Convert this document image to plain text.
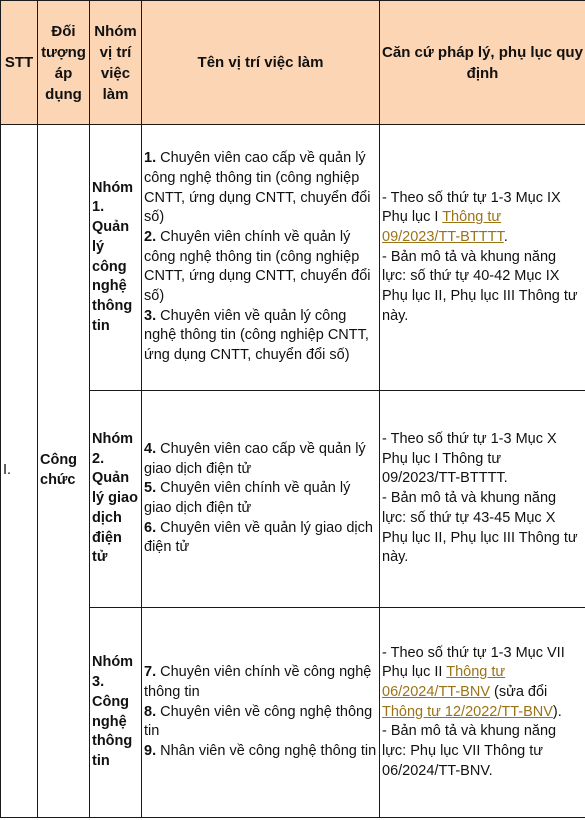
STT	Đối tượng áp dụng	Nhóm vị trí việc làm	Tên vị trí việc làm	Căn cứ pháp lý, phụ lục quy định
I.	Công chức	Nhóm 1. Quản lý công nghệ thông tin	1. Chuyên viên cao cấp về quản lý công nghệ thông tin (công nghiệp CNTT, ứng dụng CNTT, chuyển đổi số)
2. Chuyên viên chính về quản lý công nghệ thông tin (công nghiệp CNTT, ứng dụng CNTT, chuyển đổi số)
3. Chuyên viên về quản lý công nghệ thông tin (công nghiệp CNTT, ứng dụng CNTT, chuyển đổi số)	- Theo số thứ tự 1-3 Mục IX Phụ lục I Thông tư 09/2023/TT-BTTTT.
- Bản mô tả và khung năng lực: số thứ tự 40-42 Mục IX Phụ lục II, Phụ lục III Thông tư này.
		Nhóm 2. Quản lý giao dịch điện tử	4. Chuyên viên cao cấp về quản lý giao dịch điện tử
5. Chuyên viên chính về quản lý giao dịch điện tử
6. Chuyên viên về quản lý giao dịch điện tử	- Theo số thứ tự 1-3 Mục X Phụ lục I Thông tư 09/2023/TT-BTTTT.
- Bản mô tả và khung năng lực: số thứ tự 43-45 Mục X Phụ lục II, Phụ lục III Thông tư này.
		Nhóm 3. Công nghệ thông tin	7. Chuyên viên chính về công nghệ thông tin
8. Chuyên viên về công nghệ thông tin
9. Nhân viên về công nghệ thông tin	- Theo số thứ tự 1-3 Mục VII Phụ lục II Thông tư 06/2024/TT-BNV (sửa đổi Thông tư 12/2022/TT-BNV).
- Bản mô tả và khung năng lực: Phụ lục VII Thông tư 06/2024/TT-BNV.
